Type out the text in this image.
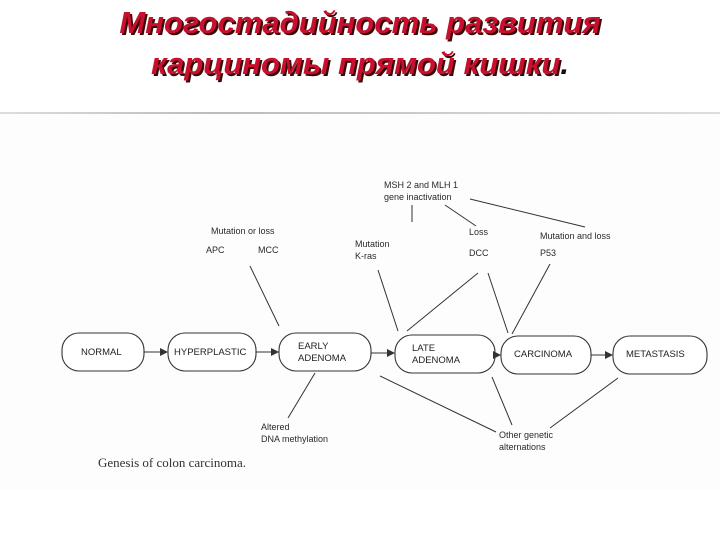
Многостадийность развития
карциномы прямой кишки.
NORMAL	HYPERPLASTIC
EARLY
ADENOMA
LATE
ADENOMA
CARCINOMA	METASTASIS
MSH 2 and MLH 1
gene inactivation
Mutation or loss
APC	MCC
Mutation
K-ras
Loss
DCC
Mutation and loss
P53
Altered
DNA methylation	Other genetic
alternations
Genesis of colon carcinoma.
